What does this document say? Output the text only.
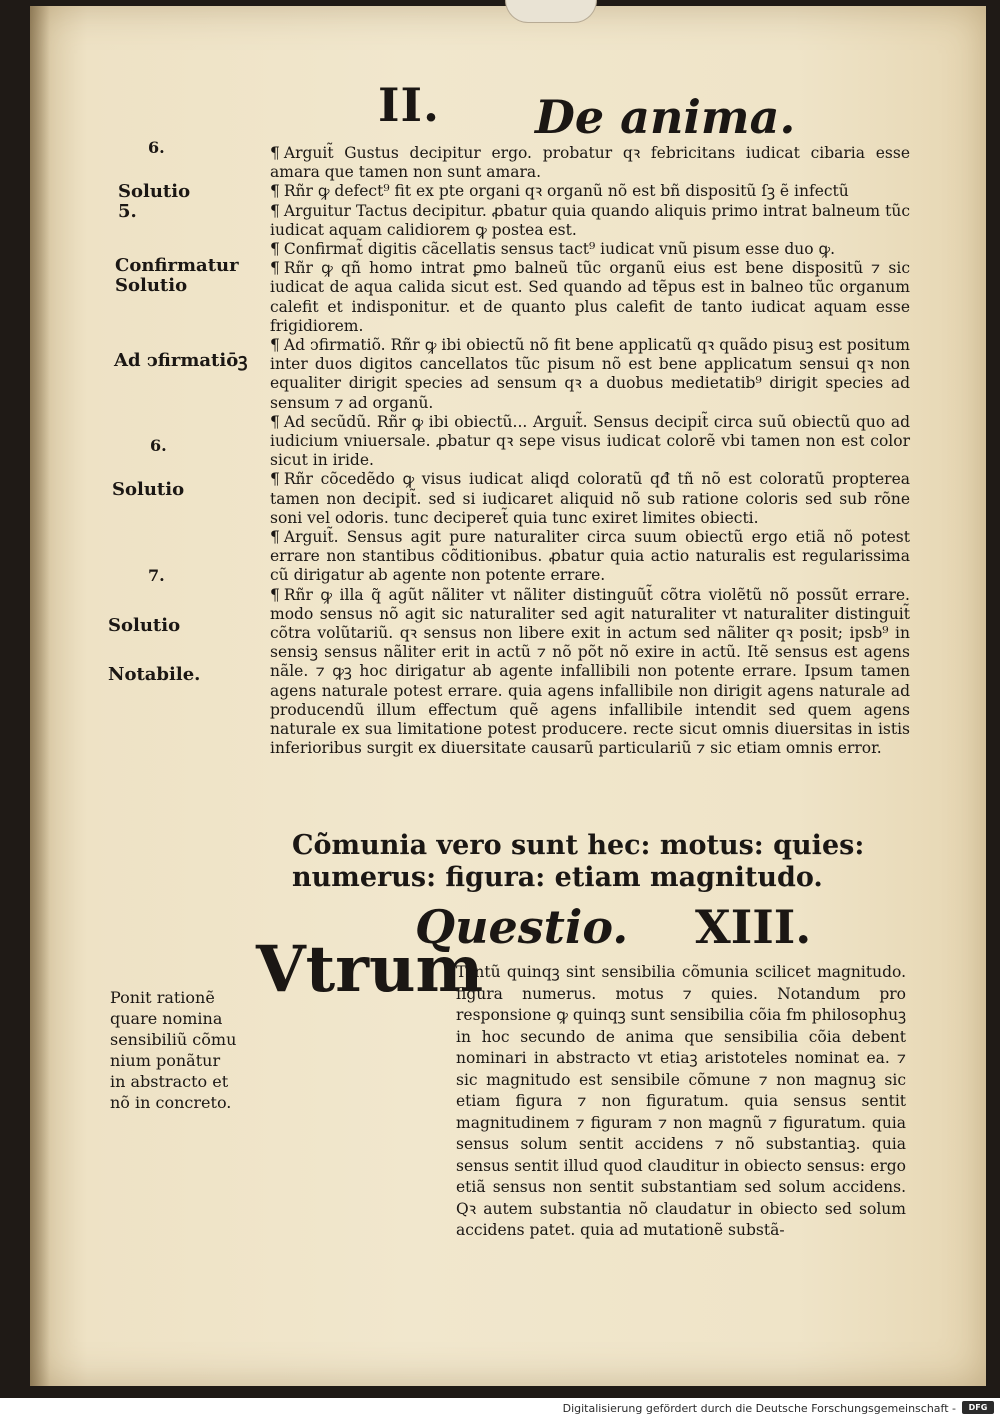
II. De anima.
6.
Solutio
5.
Confirmatur
Solutio
Ad ↄfirmatiōꝫ
6.
Solutio
7.
Solutio
Notabile.

¶ Arguit̃ Gustus decipitur ergo. probatur qꝛ febricitans iudicat cibaria esse amara que tamen non sunt amara.

¶ Rñr ꝙ defect⁹ fit ex pte organi qꝛ organũ nõ est bñ dispositũ ſꝫ ẽ infectũ

¶ Arguitur Tactus decipitur. ꝓbatur quia quando aliquis primo intrat balneum tũc iudicat aquam calidiorem ꝙ postea est.

¶ Confirmat̃ digitis cãcellatis sensus tact⁹ iudicat vnũ pisum esse duo ꝙ.

¶ Rñr ꝙ qñ homo intrat ꝑmo balneũ tũc organũ eius est bene dispositũ ⁊ sic iudicat de aqua calida sicut est. Sed quando ad tẽpus est in balneo tũc organum calefit et indisponitur. et de quanto plus calefit de tanto iudicat aquam esse frigidiorem.

¶ Ad ↄfirmatiõ. Rñr ꝙ ibi obiectũ nõ fit bene applicatũ qꝛ quãdo pisuꝫ est positum inter duos digitos cancellatos tũc pisum nõ est bene applicatum sensui qꝛ non equaliter dirigit species ad sensum qꝛ a duobus medietatib⁹ dirigit species ad sensum ⁊ ad organũ.

¶ Ad secũdũ. Rñr ꝙ ibi obiectũ... Arguit̃. Sensus decipit̃ circa suũ obiectũ quo ad iudicium vniuersale. ꝓbatur qꝛ sepe visus iudicat colorẽ vbi tamen non est color sicut in iride.

¶ Rñr cõcedẽdo ꝙ visus iudicat aliqd coloratũ qđ tñ nõ est coloratũ propterea tamen non decipit̃. sed si iudicaret aliquid nõ sub ratione coloris sed sub rõne soni vel odoris. tunc deciperet̃ quia tunc exiret limites obiecti.

¶ Arguit̃. Sensus agit pure naturaliter circa suum obiectũ ergo etiã nõ potest errare non stantibus cõditionibus. ꝓbatur quia actio naturalis est regularissima cũ dirigatur ab agente non potente errare.

¶ Rñr ꝙ illa q̃ agũt nãliter vt nãliter distinguũt̃ cõtra violẽtũ nõ possũt errare. modo sensus nõ agit sic naturaliter sed agit naturaliter vt naturaliter distinguit̃ cõtra volũtariũ. qꝛ sensus non libere exit in actum sed nãliter qꝛ posit; ipsb⁹ in sensiꝫ sensus nãliter erit in actũ ⁊ nõ põt nõ exire in actũ. Itẽ sensus est agens nãle. ⁊ ꝙꝫ hoc dirigatur ab agente infallibili non potente errare. Ipsum tamen agens naturale potest errare. quia agens infallibile non dirigit agens naturale ad producendũ illum effectum quẽ agens infallibile intendit sed quem agens naturale ex sua limitatione potest producere. recte sicut omnis diuersitas in istis inferioribus surgit ex diuersitate causarũ particulariũ ⁊ sic etiam omnis error.

Cõmunia vero sunt hec: motus: quies: numerus: figura: etiam magnitudo.
Questio. XIII.
Vtrum

Tantũ quinqꝫ sint sensibilia cõmunia scilicet magnitudo. figura numerus. motus ⁊ quies. Notandum pro responsione ꝙ quinqꝫ sunt sensibilia cõia fm philosophuꝫ in hoc secundo de anima que sensibilia cõia debent nominari in abstracto vt etiaꝫ aristoteles nominat ea. ⁊ sic magnitudo est sensibile cõmune ⁊ non magnuꝫ sic etiam figura ⁊ non figuratum. quia sensus sentit magnitudinem ⁊ figuram ⁊ non magnũ ⁊ figuratum. quia sensus solum sentit accidens ⁊ nõ substantiaꝫ. quia sensus sentit illud quod clauditur in obiecto sensus: ergo etiã sensus non sentit substantiam sed solum accidens. Qꝛ autem substantia nõ claudatur in obiecto sed solum accidens patet. quia ad mutationẽ substã-

Ponit rationẽ
quare nomina
sensibiliũ cõmu
nium ponãtur
in abstracto et
nõ in concreto.
Digitalisierung gefördert durch die Deutsche Forschungsgemeinschaft -	DFG
